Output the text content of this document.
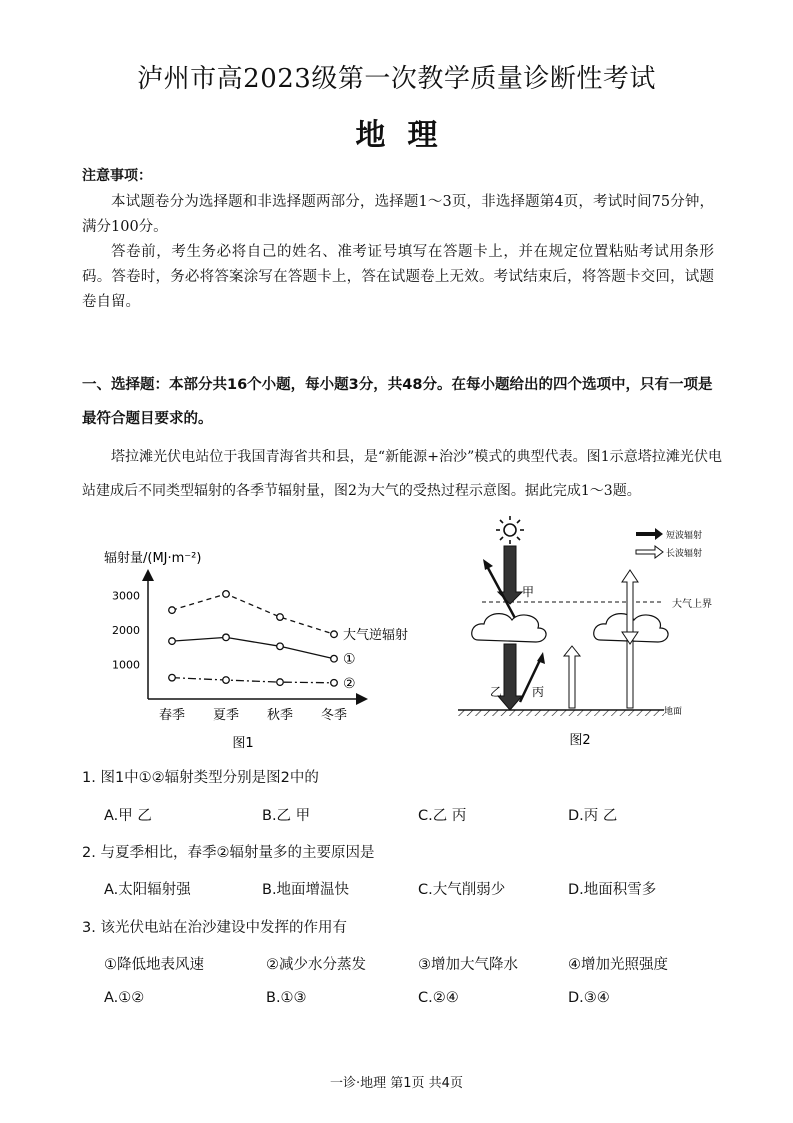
泸州市高2023级第一次教学质量诊断性考试
地理
注意事项：
本试题卷分为选择题和非选择题两部分，选择题1～3页，非选择题第4页，考试时间75分钟，满分100分。
答卷前，考生务必将自己的姓名、准考证号填写在答题卡上，并在规定位置粘贴考试用条形码。答卷时，务必将答案涂写在答题卡上，答在试题卷上无效。考试结束后，将答题卡交回，试题卷自留。
一、选择题：本部分共16个小题，每小题3分，共48分。在每小题给出的四个选项中，只有一项是最符合题目要求的。
塔拉滩光伏电站位于我国青海省共和县，是“新能源+治沙”模式的典型代表。图1示意塔拉滩光伏电站建成后不同类型辐射的各季节辐射量，图2为大气的受热过程示意图。据此完成1～3题。
辐射量/(MJ·m⁻²)
3000
2000
1000
春季 夏季 秋季 冬季
大气逆辐射
①
②
图1
短波辐射
长波辐射
大气上界
甲
乙 丙
地面
图2
1. 图1中①②辐射类型分别是图2中的
A.甲 乙	B.乙 甲	C.乙 丙	D.丙 乙
2. 与夏季相比，春季②辐射量多的主要原因是
A.太阳辐射强	B.地面增温快	C.大气削弱少	D.地面积雪多
3. 该光伏电站在治沙建设中发挥的作用有
①降低地表风速	②减少水分蒸发	③增加大气降水	④增加光照强度
A.①②	B.①③	C.②④	D.③④
一诊·地理 第1页 共4页
